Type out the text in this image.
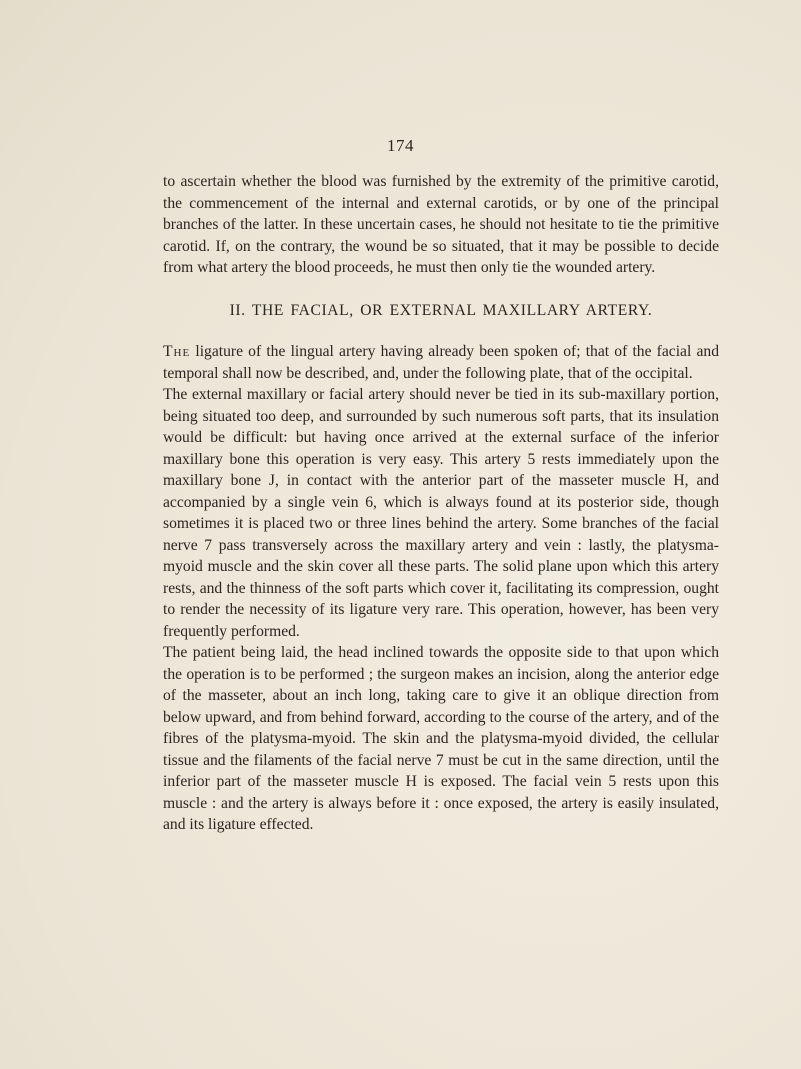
174

to ascertain whether the blood was furnished by the extremity of the primitive carotid, the commencement of the internal and external carotids, or by one of the principal branches of the latter. In these uncertain cases, he should not hesitate to tie the primitive carotid. If, on the contrary, the wound be so situated, that it may be possible to decide from what artery the blood proceeds, he must then only tie the wounded artery.

II. THE FACIAL, OR EXTERNAL MAXILLARY ARTERY.

The ligature of the lingual artery having already been spoken of; that of the facial and temporal shall now be described, and, under the following plate, that of the occipital.

The external maxillary or facial artery should never be tied in its sub-maxillary portion, being situated too deep, and surrounded by such numerous soft parts, that its insulation would be difficult: but having once arrived at the external surface of the inferior maxillary bone this operation is very easy. This artery 5 rests immediately upon the maxillary bone J, in contact with the anterior part of the masseter muscle H, and accompanied by a single vein 6, which is always found at its posterior side, though sometimes it is placed two or three lines behind the artery. Some branches of the facial nerve 7 pass transversely across the maxillary artery and vein : lastly, the platysma-myoid muscle and the skin cover all these parts. The solid plane upon which this artery rests, and the thinness of the soft parts which cover it, facilitating its compression, ought to render the necessity of its ligature very rare. This operation, however, has been very frequently performed.

The patient being laid, the head inclined towards the opposite side to that upon which the operation is to be performed ; the surgeon makes an incision, along the anterior edge of the masseter, about an inch long, taking care to give it an oblique direction from below upward, and from behind forward, according to the course of the artery, and of the fibres of the platysma-myoid. The skin and the platysma-myoid divided, the cellular tissue and the filaments of the facial nerve 7 must be cut in the same direction, until the inferior part of the masseter muscle H is exposed. The facial vein 5 rests upon this muscle : and the artery is always before it : once exposed, the artery is easily insulated, and its ligature effected.
